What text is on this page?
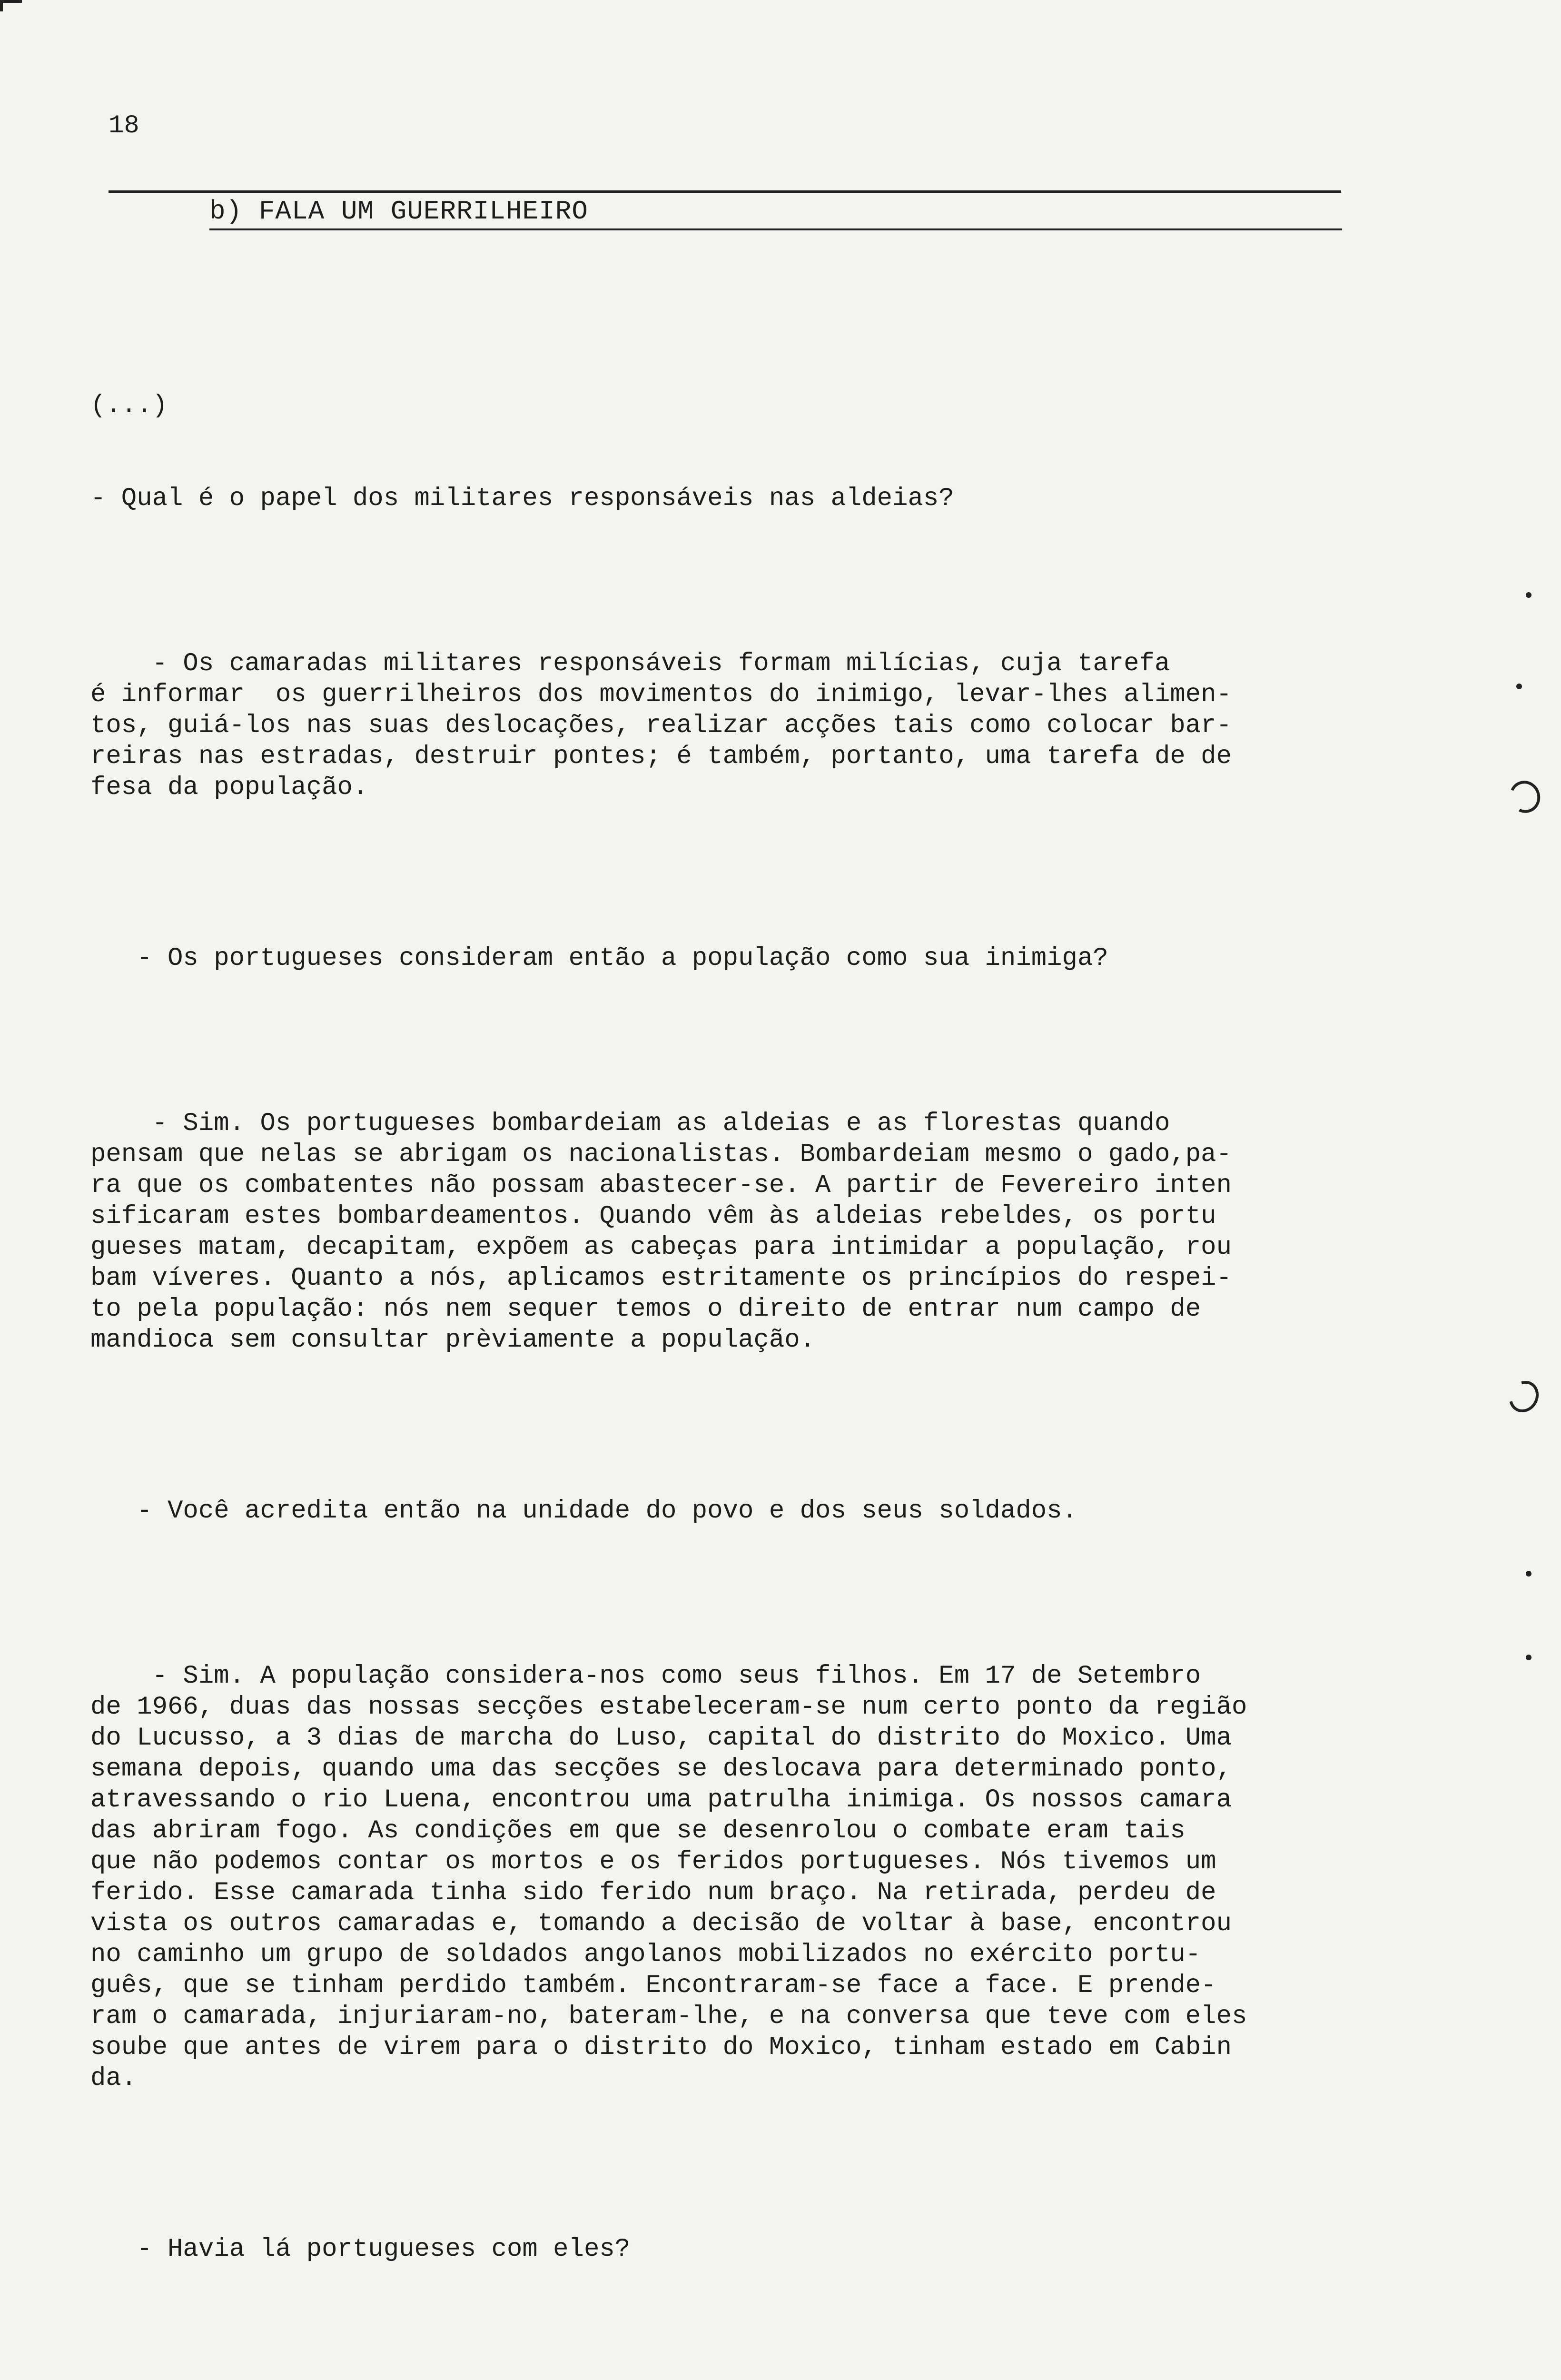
18
b) FALA UM GUERRILHEIRO

(...)

- Qual é o papel dos militares responsáveis nas aldeias?

- Os camaradas militares responsáveis formam milícias, cuja tarefa
é informar  os guerrilheiros dos movimentos do inimigo, levar-lhes alimen-
tos, guiá-los nas suas deslocações, realizar acções tais como colocar bar-
reiras nas estradas, destruir pontes; é também, portanto, uma tarefa de de
fesa da população.

- Os portugueses consideram então a população como sua inimiga?

- Sim. Os portugueses bombardeiam as aldeias e as florestas quando
pensam que nelas se abrigam os nacionalistas. Bombardeiam mesmo o gado,pa-
ra que os combatentes não possam abastecer-se. A partir de Fevereiro inten
sificaram estes bombardeamentos. Quando vêm às aldeias rebeldes, os portu
gueses matam, decapitam, expõem as cabeças para intimidar a população, rou
bam víveres. Quanto a nós, aplicamos estritamente os princípios do respei-
to pela população: nós nem sequer temos o direito de entrar num campo de
mandioca sem consultar prèviamente a população.

- Você acredita então na unidade do povo e dos seus soldados.

- Sim. A população considera-nos como seus filhos. Em 17 de Setembro
de 1966, duas das nossas secções estabeleceram-se num certo ponto da região
do Lucusso, a 3 dias de marcha do Luso, capital do distrito do Moxico. Uma
semana depois, quando uma das secções se deslocava para determinado ponto,
atravessando o rio Luena, encontrou uma patrulha inimiga. Os nossos camara
das abriram fogo. As condições em que se desenrolou o combate eram tais
que não podemos contar os mortos e os feridos portugueses. Nós tivemos um
ferido. Esse camarada tinha sido ferido num braço. Na retirada, perdeu de
vista os outros camaradas e, tomando a decisão de voltar à base, encontrou
no caminho um grupo de soldados angolanos mobilizados no exército portu-
guês, que se tinham perdido também. Encontraram-se face a face. E prende-
ram o camarada, injuriaram-no, bateram-lhe, e na conversa que teve com eles
soube que antes de virem para o distrito do Moxico, tinham estado em Cabin
da.

- Havia lá portugueses com eles?
